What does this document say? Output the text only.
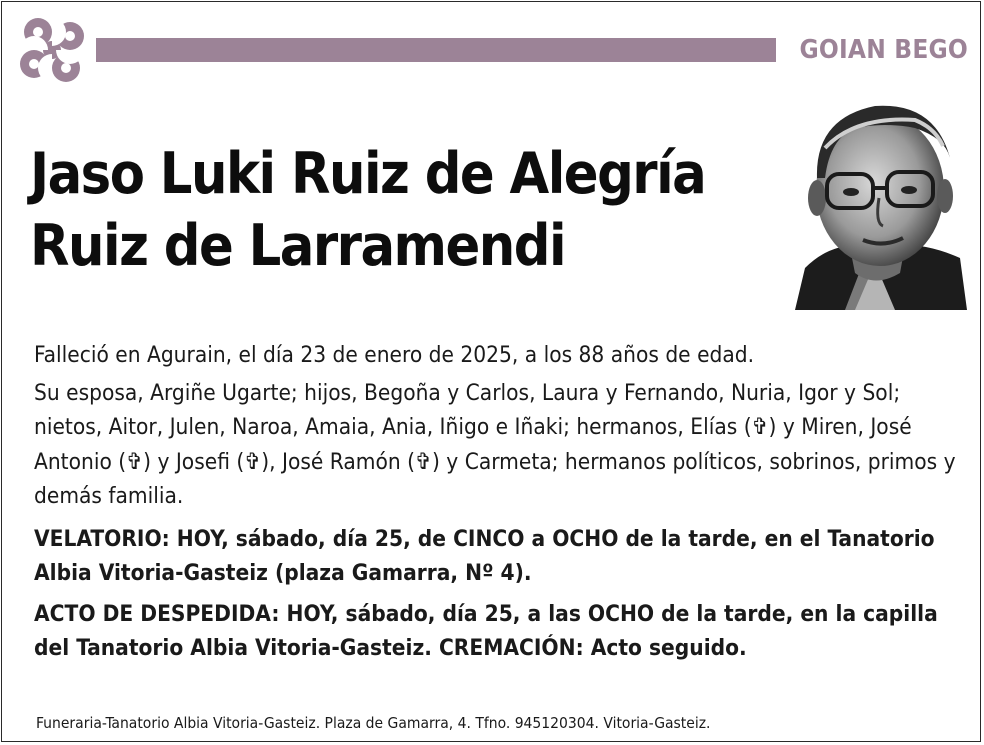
GOIAN BEGO
Jaso Luki Ruiz de Alegría
Ruiz de Larramendi

Falleció en Agurain, el día 23 de enero de 2025, a los 88 años de edad.

Su esposa, Argiñe Ugarte; hijos, Begoña y Carlos, Laura y Fernando, Nuria, Igor y Sol; nietos, Aitor, Julen, Naroa, Amaia, Ania, Iñigo e Iñaki; hermanos, Elías (✞) y Miren, José Antonio (✞) y Josefi (✞), José Ramón (✞) y Carmeta; hermanos políticos, sobrinos, primos y demás familia.

VELATORIO: HOY, sábado, día 25, de CINCO a OCHO de la tarde, en el Tanatorio Albia Vitoria-Gasteiz (plaza Gamarra, Nº 4).

ACTO DE DESPEDIDA: HOY, sábado, día 25, a las OCHO de la tarde, en la capilla del Tanatorio Albia Vitoria-Gasteiz. CREMACIÓN: Acto seguido.

Funeraria-Tanatorio Albia Vitoria-Gasteiz. Plaza de Gamarra, 4. Tfno. 945120304. Vitoria-Gasteiz.
